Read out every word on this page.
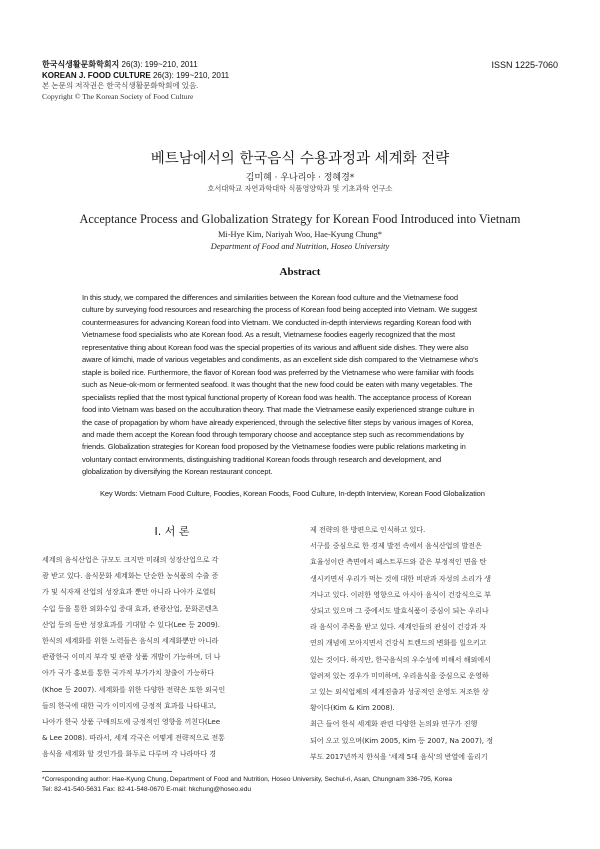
한국식생활문화학회지 26(3): 199~210, 2011
KOREAN J. FOOD CULTURE 26(3): 199~210, 2011
본 논문의 저작권은 한국식생활문화학회에 있음.
Copyright © The Korean Society of Food Culture
ISSN 1225-7060
베트남에서의 한국음식 수용과정과 세계화 전략
김미혜 · 우나리야 · 정혜경*
호서대학교 자연과학대학 식품영양학과 및 기초과학 연구소
Acceptance Process and Globalization Strategy for Korean Food Introduced into Vietnam
Mi-Hye Kim, Nariyah Woo, Hae-Kyung Chung*
Department of Food and Nutrition, Hoseo University
Abstract
In this study, we compared the differences and similarities between the Korean food culture and the Vietnamese food
culture by surveying food resources and researching the process of Korean food being accepted into Vietnam. We suggest
countermeasures for advancing Korean food into Vietnam. We conducted in-depth interviews regarding Korean food with
Vietnamese food specialists who ate Korean food. As a result, Vietnamese foodies eagerly recognized that the most
representative thing about Korean food was the special properties of its various and affluent side dishes. They were also
aware of kimchi, made of various vegetables and condiments, as an excellent side dish compared to the Vietnamese who's
staple is boiled rice. Furthermore, the flavor of Korean food was preferred by the Vietnamese who were familiar with foods
such as Neue-ok-mom or fermented seafood. It was thought that the new food could be eaten with many vegetables. The
specialists replied that the most typical functional property of Korean food was health. The acceptance process of Korean
food into Vietnam was based on the acculturation theory. That made the Vietnamese easily experienced strange culture in
the case of propagation by whom have already experienced, through the selective filter steps by various images of Korea,
and made them accept the Korean food through temporary choose and acceptance step such as recommendations by
friends. Globalization strategies for Korean food proposed by the Vietnamese foodies were public relations marketing in
voluntary contact environments, distinguishing traditional Korean foods through research and development, and
globalization by diversifying the Korean restaurant concept.
Key Words: Vietnam Food Culture, Foodies, Korean Foods, Food Culture, In-depth Interview, Korean Food Globalization
I. 서 론
세계의 음식산업은 규모도 크지만 미래의 성장산업으로 각
광 받고 있다. 음식문화 세계화는 단순한 농식품의 수출 증
가 및 식자재 산업의 성장효과 뿐만 아니라 나아가 로열티
수입 등을 통한 외화수입 증대 효과, 관광산업, 문화콘텐츠
산업 등의 동반 성장효과를 기대할 수 있다(Lee 등 2009).
한식의 세계화를 위한 노력들은 음식의 세계화뿐만 아니라
관광한국 이미지 부각 및 관광 상품 개발이 가능하며, 더 나
아가 국가 홍보를 통한 국가적 부가가치 창출이 가능하다
(Khoe 등 2007). 세계화를 위한 다양한 전략은 또한 외국인
들의 한국에 대한 국가 이미지에 긍정적 효과를 나타내고,
나아가 한국 상품 구매의도에 긍정적인 영향을 끼친다(Lee
& Lee 2008). 따라서, 세계 각국은 어떻게 전략적으로 전통
음식을 세계화 할 것인가를 화두로 다루며 각 나라마다 경
제 전략의 한 방편으로 인식하고 있다.
서구를 중심으로 한 경제 발전 속에서 음식산업의 발전은
효율성이란 측면에서 패스트푸드와 같은 부정적인 면을 탄
생시키면서 우리가 먹는 것에 대한 비판과 자성의 소리가 생
겨나고 있다. 이러한 영향으로 아시아 음식이 건강식으로 부
상되고 있으며 그 중에서도 발효식품이 중심이 되는 우리나
라 음식이 주목을 받고 있다. 세계인들의 관심이 건강과 자
연의 개념에 모아지면서 건강식 트렌드의 변화를 일으키고
있는 것이다. 하지만, 한국음식의 우수성에 비해서 해외에서
알려져 있는 경우가 미미하며, 우리음식을 중심으로 운영하
고 있는 외식업체의 세계진출과 성공적인 운영도 저조한 상
황이다(Kim & Kim 2008).
최근 들어 한식 세계화 관련 다양한 논의와 연구가 진행
되어 오고 있으며(Kim 2005, Kim 등 2007, Na 2007), 정
부도 2017년까지 한식을 '세계 5대 음식'의 반열에 올리기
*Corresponding author: Hae-Kyung Chung, Department of Food and Nutrition, Hoseo University, Sechul-ri, Asan, Chungnam 336-795, Korea
Tel: 82-41-540-5631 Fax: 82-41-548-0670 E-mail: hkchung@hoseo.edu
